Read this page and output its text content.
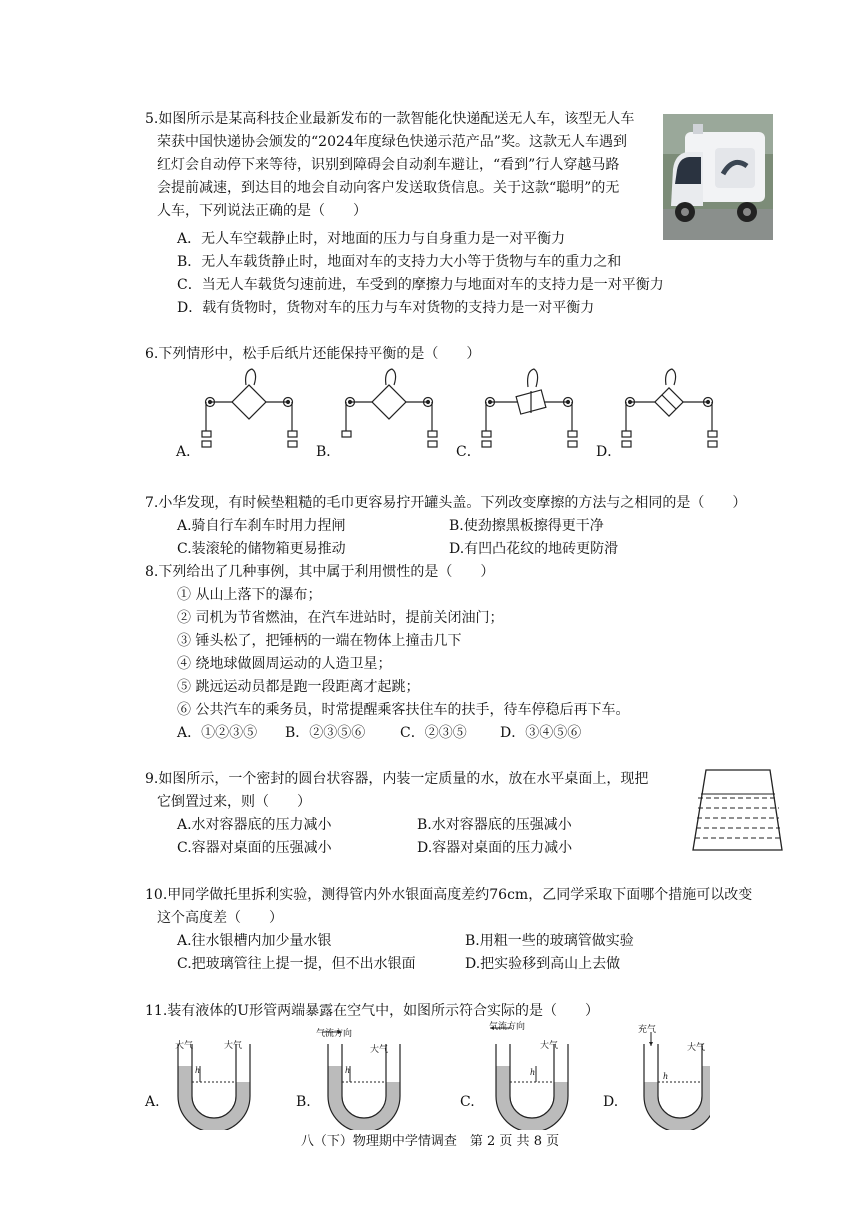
5.如图所示是某高科技企业最新发布的一款智能化快递配送无人车，该型无人车

荣获中国快递协会颁发的“2024年度绿色快递示范产品”奖。这款无人车遇到

红灯会自动停下来等待，识别到障碍会自动刹车避让，“看到”行人穿越马路

会提前减速，到达目的地会自动向客户发送取货信息。关于这款“聪明”的无

人车，下列说法正确的是（　　）

A．无人车空载静止时，对地面的压力与自身重力是一对平衡力

B．无人车载货静止时，地面对车的支持力大小等于货物与车的重力之和

C．当无人车载货匀速前进，车受到的摩擦力与地面对车的支持力是一对平衡力

D．载有货物时，货物对车的压力与车对货物的支持力是一对平衡力

6.下列情形中，松手后纸片还能保持平衡的是（　　）

A．	B．	C．	D．

7.小华发现，有时候垫粗糙的毛巾更容易拧开罐头盖。下列改变摩擦的方法与之相同的是（　　）

A.骑自行车刹车时用力捏闸	B.使劲擦黑板擦得更干净
C.装滚轮的储物箱更易推动	D.有凹凸花纹的地砖更防滑

8.下列给出了几种事例，其中属于利用惯性的是（　　）

① 从山上落下的瀑布；

② 司机为节省燃油，在汽车进站时，提前关闭油门；

③ 锤头松了，把锤柄的一端在物体上撞击几下

④ 绕地球做圆周运动的人造卫星；

⑤ 跳远运动员都是跑一段距离才起跳；

⑥ 公共汽车的乘务员，时常提醒乘客扶住车的扶手，待车停稳后再下车。

A．①②③⑤	B．②③⑤⑥	C．②③⑤	D．③④⑤⑥

9.如图所示，一个密封的圆台状容器，内装一定质量的水，放在水平桌面上，现把

它倒置过来，则（　　）

A.水对容器底的压力减小	B.水对容器底的压强减小
C.容器对桌面的压强减小	D.容器对桌面的压力减小

10.甲同学做托里拆利实验，测得管内外水银面高度差约76cm，乙同学采取下面哪个措施可以改变

这个高度差（　　）

A.往水银槽内加少量水银	B.用粗一些的玻璃管做实验
C.把玻璃管往上提一提，但不出水银面	D.把实验移到高山上去做

11.装有液体的U形管两端暴露在空气中，如图所示符合实际的是（　　）

大气	大气
h
气流方向
大气
h
气流方向
大气
h
充气
大气
h
A.	B.	C.	D.
八（下）物理期中学情调查　第 2 页 共 8 页
